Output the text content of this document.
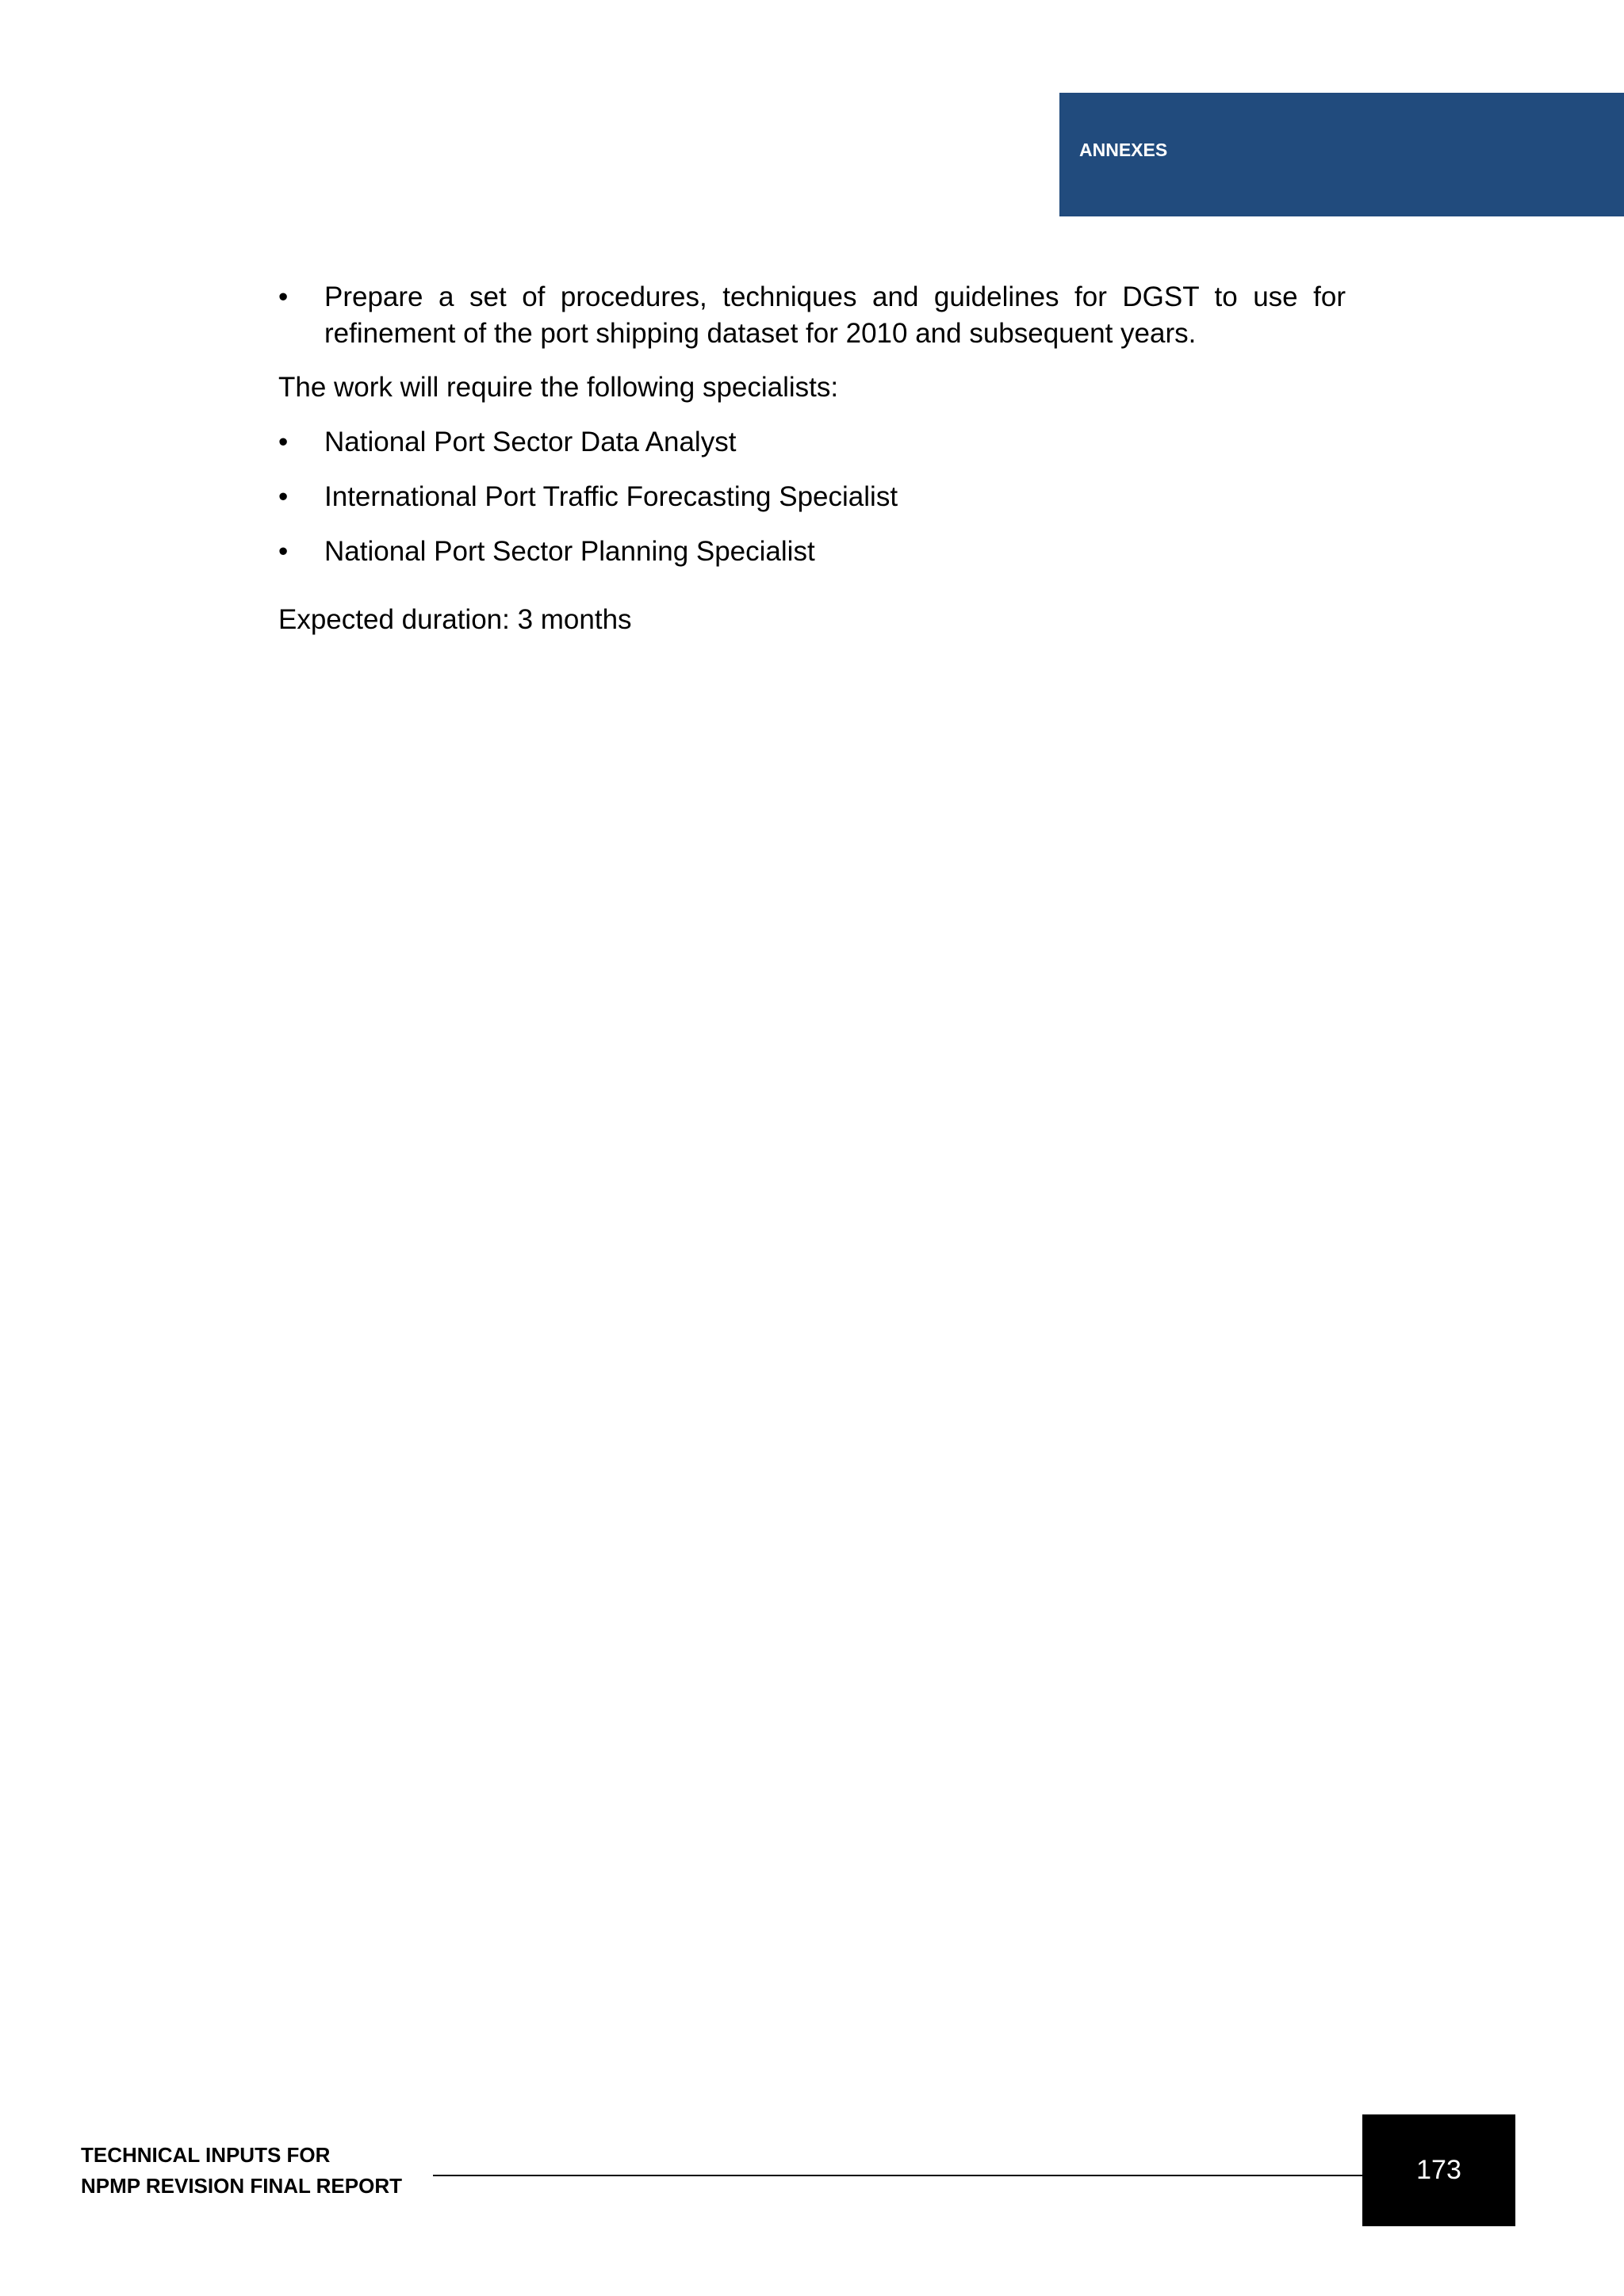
ANNEXES
•	Prepare a set of procedures, techniques and guidelines for DGST to use for refinement of the port shipping dataset for 2010 and subsequent years.

The work will require the following specialists:

•	National Port Sector Data Analyst
•	International Port Traffic Forecasting Specialist
•	National Port Sector Planning Specialist

Expected duration: 3 months

TECHNICAL INPUTS FOR
NPMP REVISION FINAL REPORT
173
